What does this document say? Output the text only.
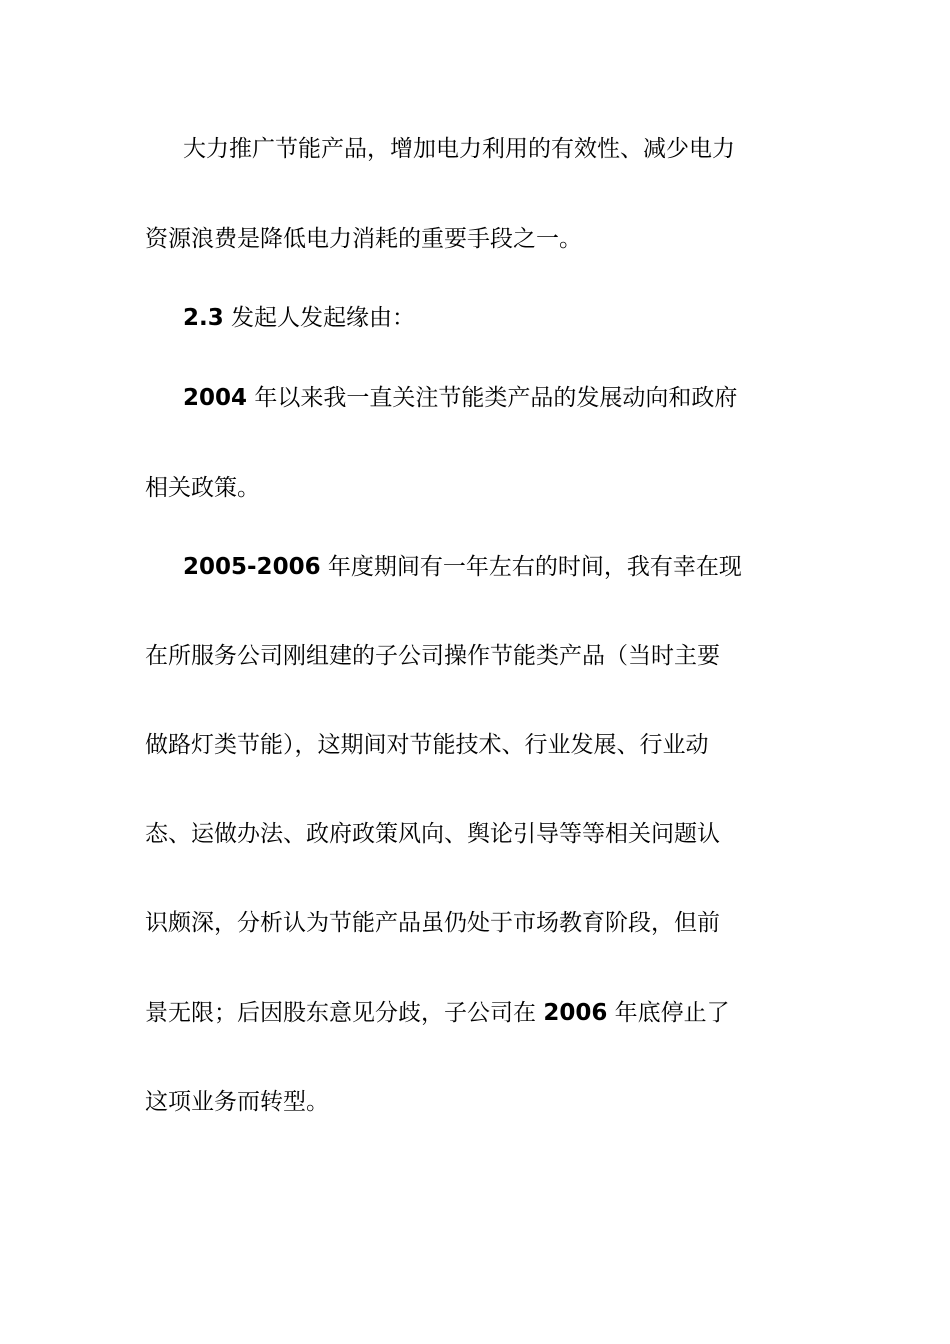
大力推广节能产品，增加电力利用的有效性、减少电力
资源浪费是降低电力消耗的重要手段之一。
2.3 发起人发起缘由：
2004 年以来我一直关注节能类产品的发展动向和政府
相关政策。
2005-2006 年度期间有一年左右的时间，我有幸在现
在所服务公司刚组建的子公司操作节能类产品（当时主要
做路灯类节能），这期间对节能技术、行业发展、行业动
态、运做办法、政府政策风向、舆论引导等等相关问题认
识颇深，分析认为节能产品虽仍处于市场教育阶段，但前
景无限；后因股东意见分歧，子公司在 2006 年底停止了
这项业务而转型。
